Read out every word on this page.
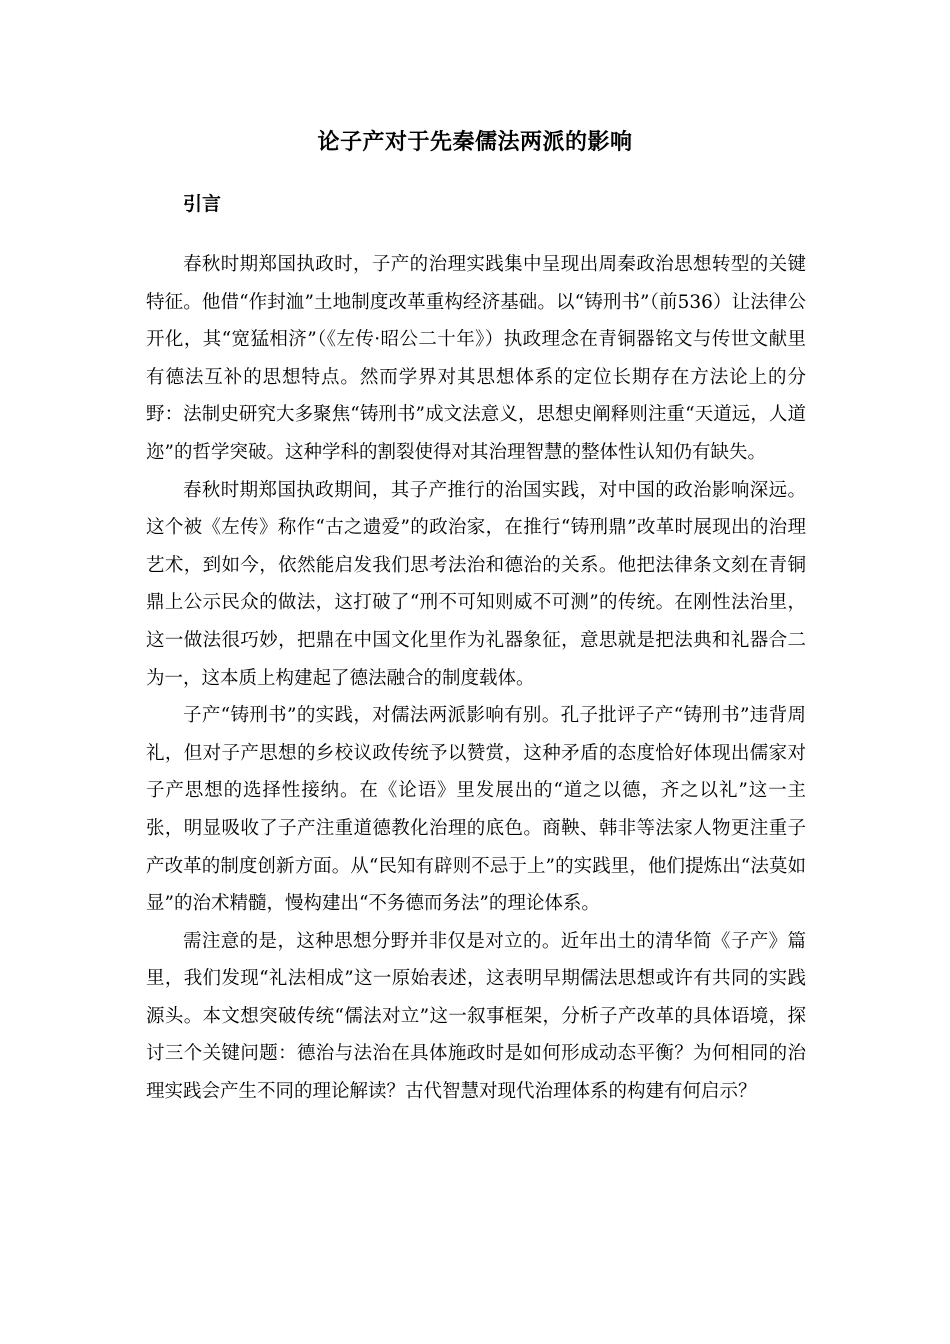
论子产对于先秦儒法两派的影响
引言

春秋时期郑国执政时，子产的治理实践集中呈现出周秦政治思想转型的关键特征。他借“作封洫”土地制度改革重构经济基础。以“铸刑书”（前536）让法律公开化，其“宽猛相济”（《左传·昭公二十年》）执政理念在青铜器铭文与传世文献里有德法互补的思想特点。然而学界对其思想体系的定位长期存在方法论上的分野：法制史研究大多聚焦“铸刑书”成文法意义，思想史阐释则注重“天道远，人道迩”的哲学突破。这种学科的割裂使得对其治理智慧的整体性认知仍有缺失。

春秋时期郑国执政期间，其子产推行的治国实践，对中国的政治影响深远。这个被《左传》称作“古之遗爱”的政治家，在推行“铸刑鼎”改革时展现出的治理艺术，到如今，依然能启发我们思考法治和德治的关系。他把法律条文刻在青铜鼎上公示民众的做法，这打破了“刑不可知则威不可测”的传统。在刚性法治里，这一做法很巧妙，把鼎在中国文化里作为礼器象征，意思就是把法典和礼器合二为一，这本质上构建起了德法融合的制度载体。

子产“铸刑书”的实践，对儒法两派影响有别。孔子批评子产“铸刑书”违背周礼，但对子产思想的乡校议政传统予以赞赏，这种矛盾的态度恰好体现出儒家对子产思想的选择性接纳。在《论语》里发展出的“道之以德，齐之以礼”这一主张，明显吸收了子产注重道德教化治理的底色。商鞅、韩非等法家人物更注重子产改革的制度创新方面。从“民知有辟则不忌于上”的实践里，他们提炼出“法莫如显”的治术精髓，慢构建出“不务德而务法”的理论体系。

需注意的是，这种思想分野并非仅是对立的。近年出土的清华简《子产》篇里，我们发现“礼法相成”这一原始表述，这表明早期儒法思想或许有共同的实践源头。本文想突破传统“儒法对立”这一叙事框架，分析子产改革的具体语境，探讨三个关键问题：德治与法治在具体施政时是如何形成动态平衡？为何相同的治理实践会产生不同的理论解读？古代智慧对现代治理体系的构建有何启示？
